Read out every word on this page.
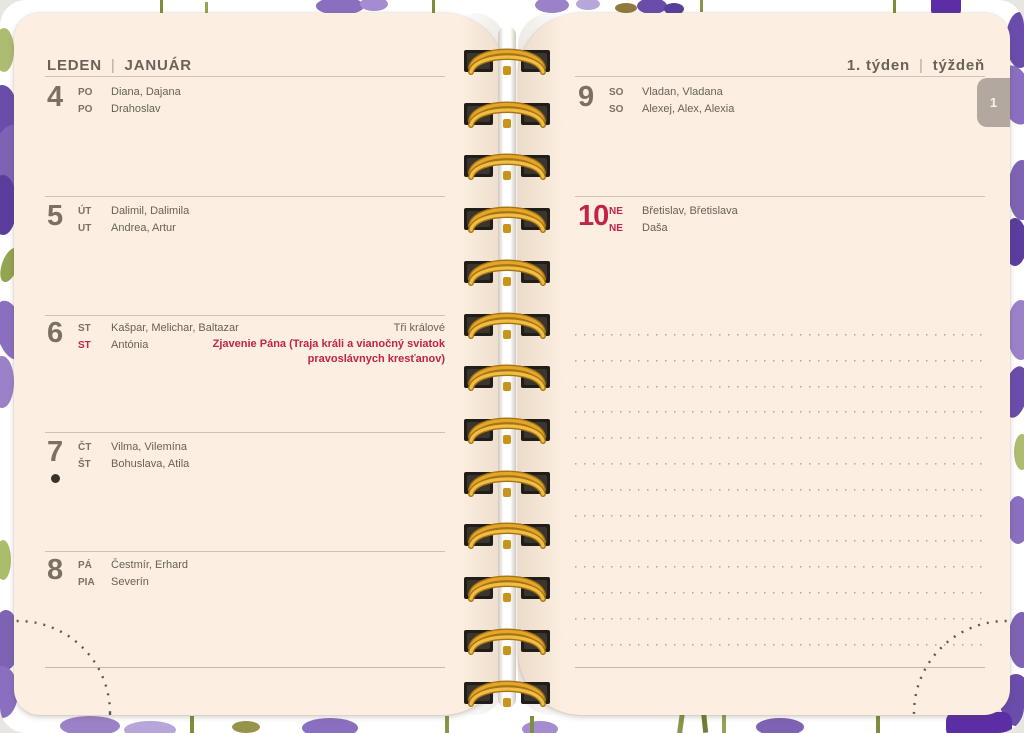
LEDEN | JANUÁR
4	PO	Diana, Dajana
PO	Drahoslav
5	ÚT	Dalimil, Dalimila
UT	Andrea, Artur
6	ST	Kašpar, Melichar, Baltazar
ST	Antónia
Tři králové
Zjavenie Pána (Traja králi a vianočný sviatok pravoslávnych kresťanov)
7	ČT	Vilma, Vilemína
ŠT	Bohuslava, Atila
8	PÁ	Čestmír, Erhard
PIA	Severín
1. týden | týždeň
9	SO	Vladan, Vladana
SO	Alexej, Alex, Alexia
10 NE	Břetislav, Břetislava
NE	Daša
1
